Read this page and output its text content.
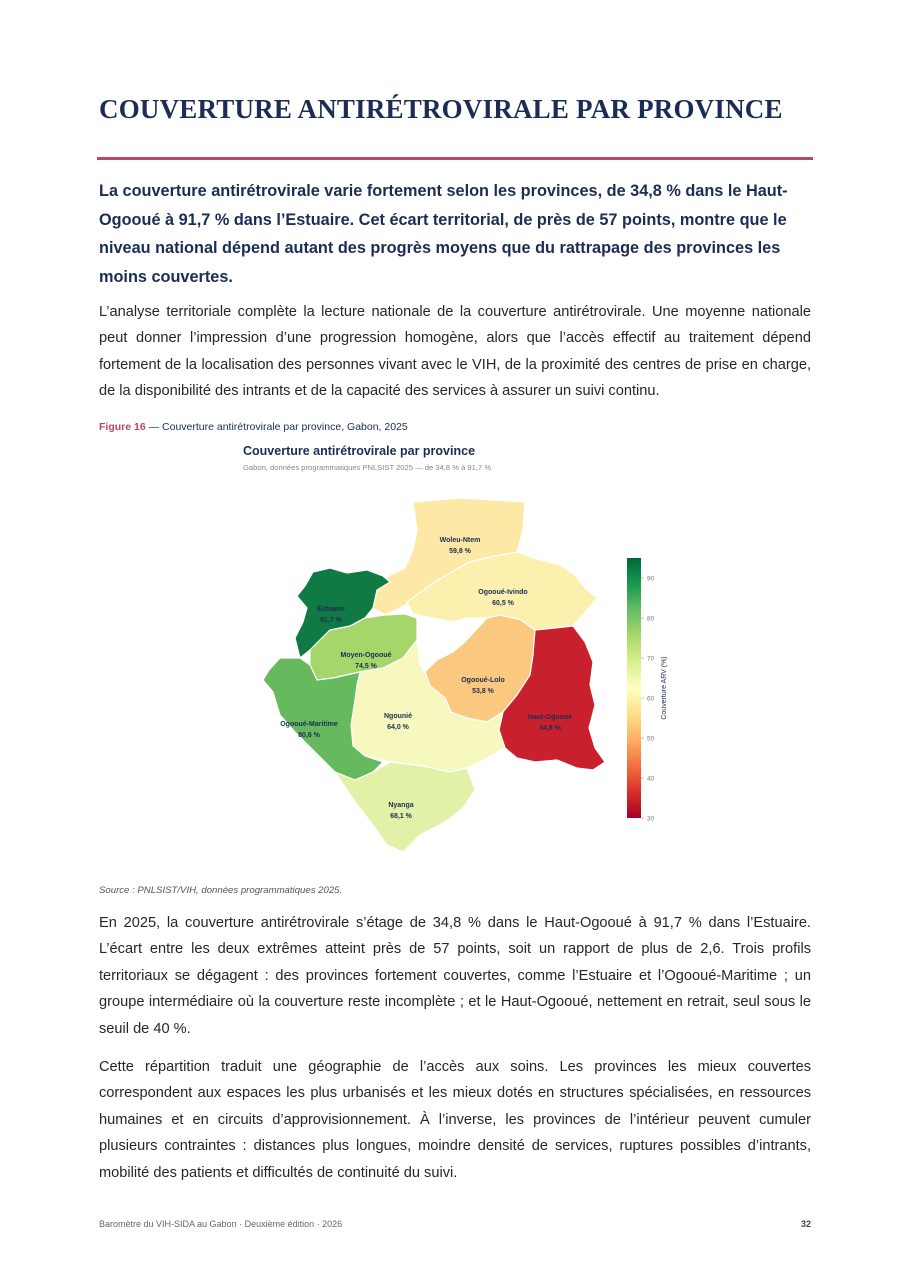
COUVERTURE ANTIRÉTROVIRALE PAR PROVINCE

La couverture antirétrovirale varie fortement selon les provinces, de 34,8 % dans le Haut-Ogooué à 91,7 % dans l’Estuaire. Cet écart territorial, de près de 57 points, montre que le niveau national dépend autant des progrès moyens que du rattrapage des provinces les moins couvertes.

L’analyse territoriale complète la lecture nationale de la couverture antirétrovirale. Une moyenne nationale peut donner l’impression d’une progression homogène, alors que l’accès effectif au traitement dépend fortement de la localisation des personnes vivant avec le VIH, de la proximité des centres de prise en charge, de la disponibilité des intrants et de la capacité des services à assurer un suivi continu.

Figure 16 — Couverture antirétrovirale par province, Gabon, 2025
Couverture antirétrovirale par province
Gabon, données programmatiques PNLSIST 2025 — de 34,8 % à 91,7 %
Woleu-Ntem
59,8 %
Estuaire
91,7 %
Ogooué-Ivindo
60,5 %
Moyen-Ogooué
74,5 %
Ogooué-Lolo
53,8 %
Ogooué-Maritime
80,6 %
Ngounié
64,0 %
Haut-Ogooué
34,8 %
Nyanga
68,1 %
90
80
70
60
50
40
30
Couverture ARV (%)
Source : PNLSIST/VIH, données programmatiques 2025.

En 2025, la couverture antirétrovirale s’étage de 34,8 % dans le Haut-Ogooué à 91,7 % dans l’Estuaire. L’écart entre les deux extrêmes atteint près de 57 points, soit un rapport de plus de 2,6. Trois profils territoriaux se dégagent : des provinces fortement couvertes, comme l’Estuaire et l’Ogooué-Maritime ; un groupe intermédiaire où la couverture reste incomplète ; et le Haut-Ogooué, nettement en retrait, seul sous le seuil de 40 %.

Cette répartition traduit une géographie de l’accès aux soins. Les provinces les mieux couvertes correspondent aux espaces les plus urbanisés et les mieux dotés en structures spécialisées, en ressources humaines et en circuits d’approvisionnement. À l’inverse, les provinces de l’intérieur peuvent cumuler plusieurs contraintes : distances plus longues, moindre densité de services, ruptures possibles d’intrants, mobilité des patients et difficultés de continuité du suivi.

Baromètre du VIH-SIDA au Gabon · Deuxième édition · 2026	32
